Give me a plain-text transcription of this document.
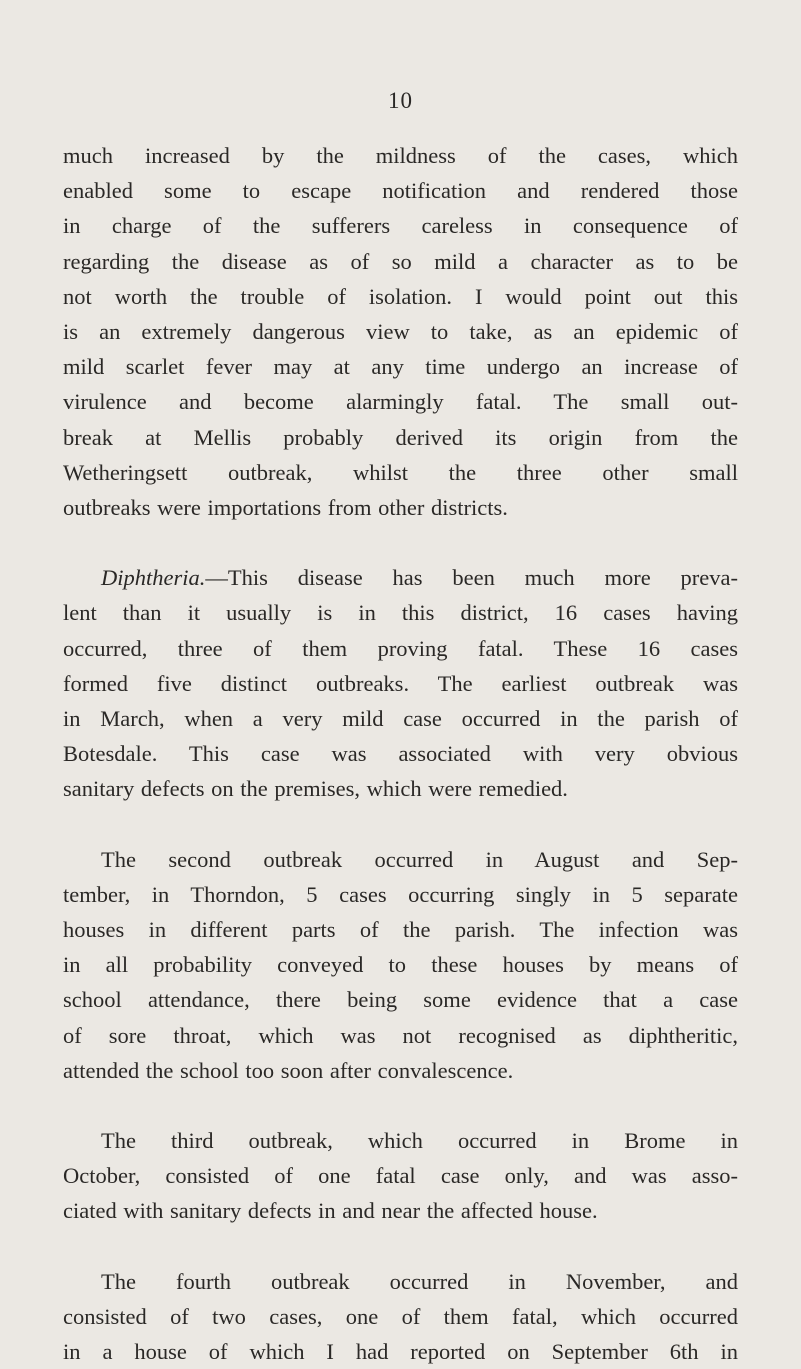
10

much increased by the mildness of the cases, which
enabled some to escape notification and rendered those
in charge of the sufferers careless in consequence of
regarding the disease as of so mild a character as to be
not worth the trouble of isolation. I would point out this
is an extremely dangerous view to take, as an epidemic of
mild scarlet fever may at any time undergo an increase of
virulence and become alarmingly fatal. The small out-
break at Mellis probably derived its origin from the
Wetheringsett outbreak, whilst the three other small
outbreaks were importations from other districts.

Diphtheria.—This disease has been much more preva-
lent than it usually is in this district, 16 cases having
occurred, three of them proving fatal. These 16 cases
formed five distinct outbreaks. The earliest outbreak was
in March, when a very mild case occurred in the parish of
Botesdale. This case was associated with very obvious
sanitary defects on the premises, which were remedied.

The second outbreak occurred in August and Sep-
tember, in Thorndon, 5 cases occurring singly in 5 separate
houses in different parts of the parish. The infection was
in all probability conveyed to these houses by means of
school attendance, there being some evidence that a case
of sore throat, which was not recognised as diphtheritic,
attended the school too soon after convalescence.

The third outbreak, which occurred in Brome in
October, consisted of one fatal case only, and was asso-
ciated with sanitary defects in and near the affected house.

The fourth outbreak occurred in November, and
consisted of two cases, one of them fatal, which occurred
in a house of which I had reported on September 6th in
